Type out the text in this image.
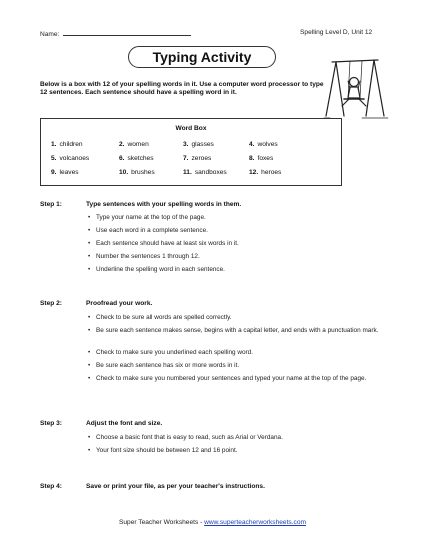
Name:	Spelling Level D, Unit 12
Typing Activity
Below is a box with 12 of your spelling words in it. Use a computer word processor to type 12 sentences. Each sentence should have a spelling word in it.
Word Box
1. children	2. women	3. glasses	4. wolves
5. volcanoes	6. sketches	7. zeroes	8. foxes
9. leaves	10. brushes	11. sandboxes	12. heroes
Step 1:	Type sentences with your spelling words in them.
• Type your name at the top of the page.
• Use each word in a complete sentence.
• Each sentence should have at least six words in it.
• Number the sentences 1 through 12.
• Underline the spelling word in each sentence.
Step 2:	Proofread your work.
• Check to be sure all words are spelled correctly.
• Be sure each sentence makes sense, begins with a capital letter, and ends with a punctuation mark.
• Check to make sure you underlined each spelling word.
• Be sure each sentence has six or more words in it.
• Check to make sure you numbered your sentences and typed your name at the top of the page.
Step 3:	Adjust the font and size.
• Choose a basic font that is easy to read, such as Arial or Verdana.
• Your font size should be between 12 and 16 point.
Step 4:	Save or print your file, as per your teacher's instructions.
Super Teacher Worksheets - www.superteacherworksheets.com
